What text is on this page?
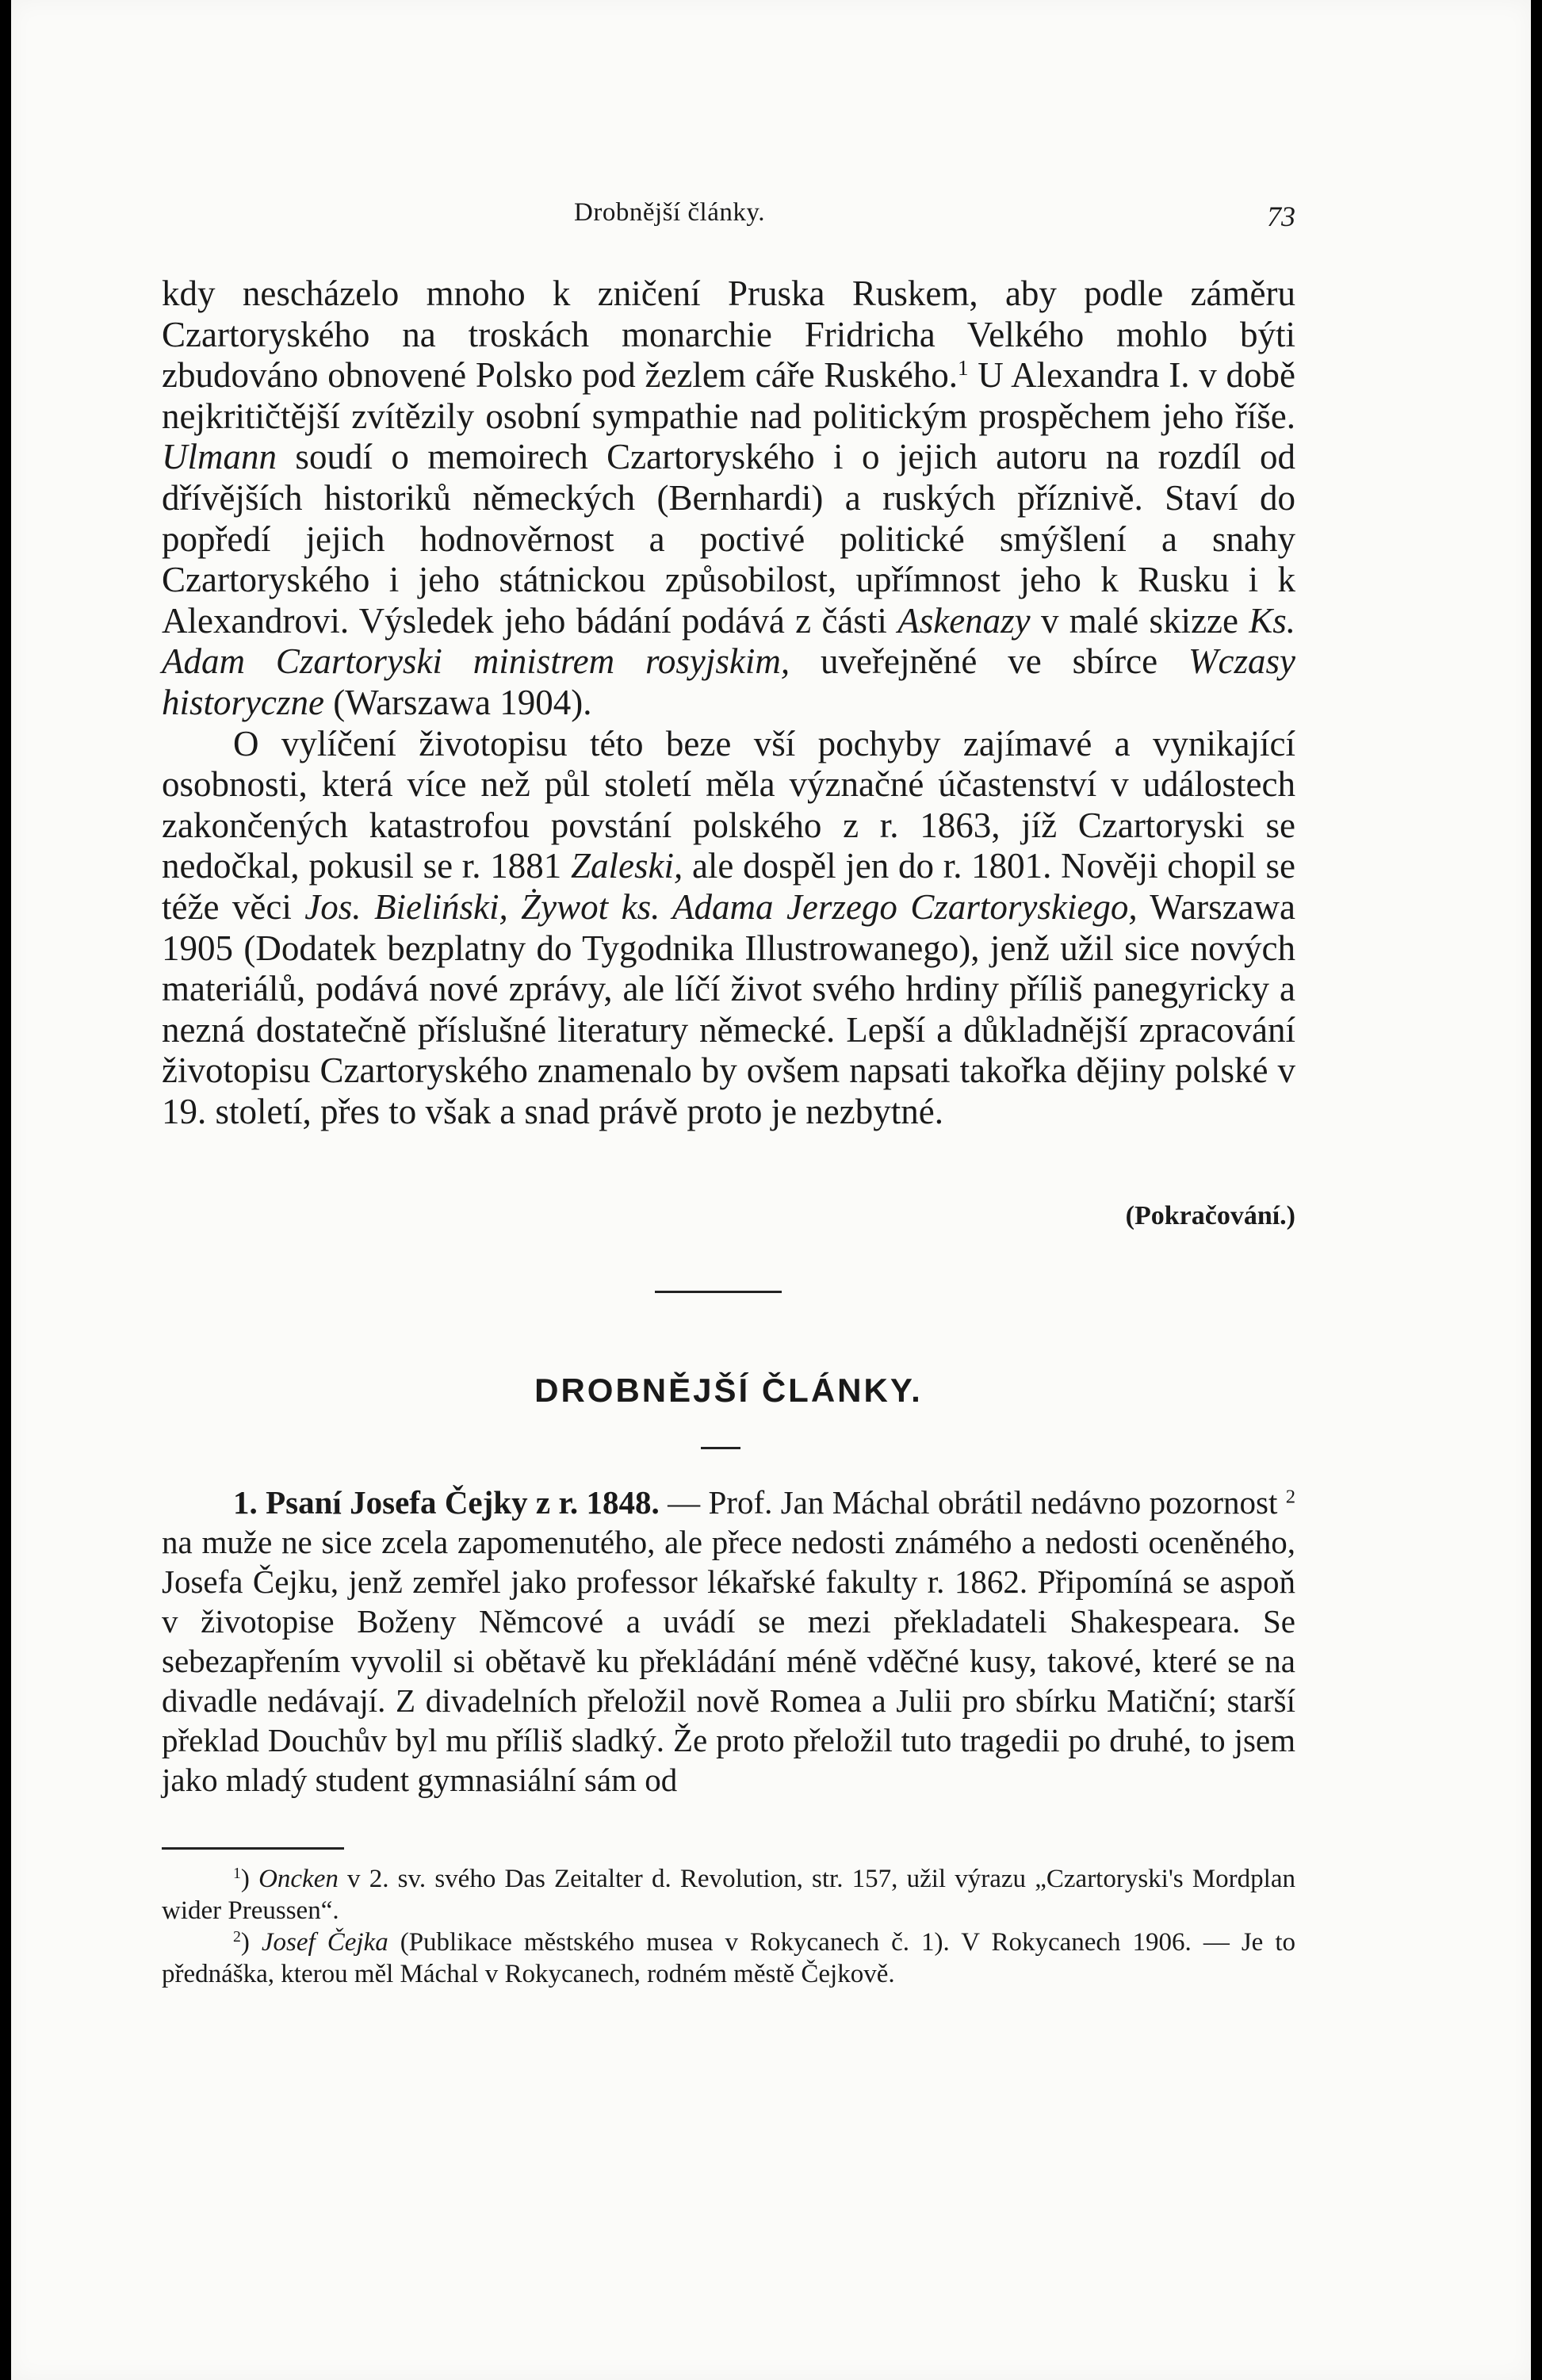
Drobnější články.	73

kdy nescházelo mnoho k zničení Pruska Ruskem, aby podle záměru Czartoryského na troskách monarchie Fridricha Velkého mohlo býti zbudováno obnovené Polsko pod žezlem cáře Ruského.$^1$ U Alexandra I. v době nejkritičtější zvítězily osobní sympathie nad politickým prospěchem jeho říše. Ulmann soudí o memoirech Czartoryského i o jejich autoru na rozdíl od dřívějších historiků německých (Bernhardi) a ruských příznivě. Staví do popředí jejich hodnověrnost a poctivé politické smýšlení a snahy Czartoryského i jeho státnickou způsobilost, upřímnost jeho k Rusku i k Alexandrovi. Výsledek jeho bádání podává z části Askenazy v malé skizze Ks. Adam Czartoryski ministrem rosyjskim, uveřejněné ve sbírce Wczasy historyczne (Warszawa 1904).

O vylíčení životopisu této beze vší pochyby zajímavé a vynikající osobnosti, která více než půl století měla význačné účastenství v událostech zakončených katastrofou povstání polského z r. 1863, jíž Czartoryski se nedočkal, pokusil se r. 1881 Zaleski, ale dospěl jen do r. 1801. Nověji chopil se téže věci Jos. Bieliński, Żywot ks. Adama Jerzego Czartoryskiego, Warszawa 1905 (Dodatek bezplatny do Tygodnika Illustrowanego), jenž užil sice nových materiálů, podává nové zprávy, ale líčí život svého hrdiny příliš panegyricky a nezná dostatečně příslušné literatury německé. Lepší a důkladnější zpracování životopisu Czartoryského znamenalo by ovšem napsati takořka dějiny polské v 19. století, přes to však a snad právě proto je nezbytné.

(Pokračování.)
DROBNĚJŠÍ ČLÁNKY.

1. Psaní Josefa Čejky z r. 1848. — Prof. Jan Máchal obrátil nedávno pozornost $^2$ na muže ne sice zcela zapomenutého, ale přece nedosti známého a nedosti oceněného, Josefa Čejku, jenž zemřel jako professor lékařské fakulty r. 1862. Připomíná se aspoň v životopise Boženy Němcové a uvádí se mezi překladateli Shakespeara. Se sebezapřením vyvolil si obětavě ku překládání méně vděčné kusy, takové, které se na divadle nedávají. Z divadelních přeložil nově Romea a Julii pro sbírku Matiční; starší překlad Douchův byl mu příliš sladký. Že proto přeložil tuto tragedii po druhé, to jsem jako mladý student gymnasiální sám od

$^1$) Oncken v 2. sv. svého Das Zeitalter d. Revolution, str. 157, užil výrazu „Czartoryski's Mordplan wider Preussen“.

$^2$) Josef Čejka (Publikace městského musea v Rokycanech č. 1). V Rokycanech 1906. — Je to přednáška, kterou měl Máchal v Rokycanech, rodném městě Čejkově.
